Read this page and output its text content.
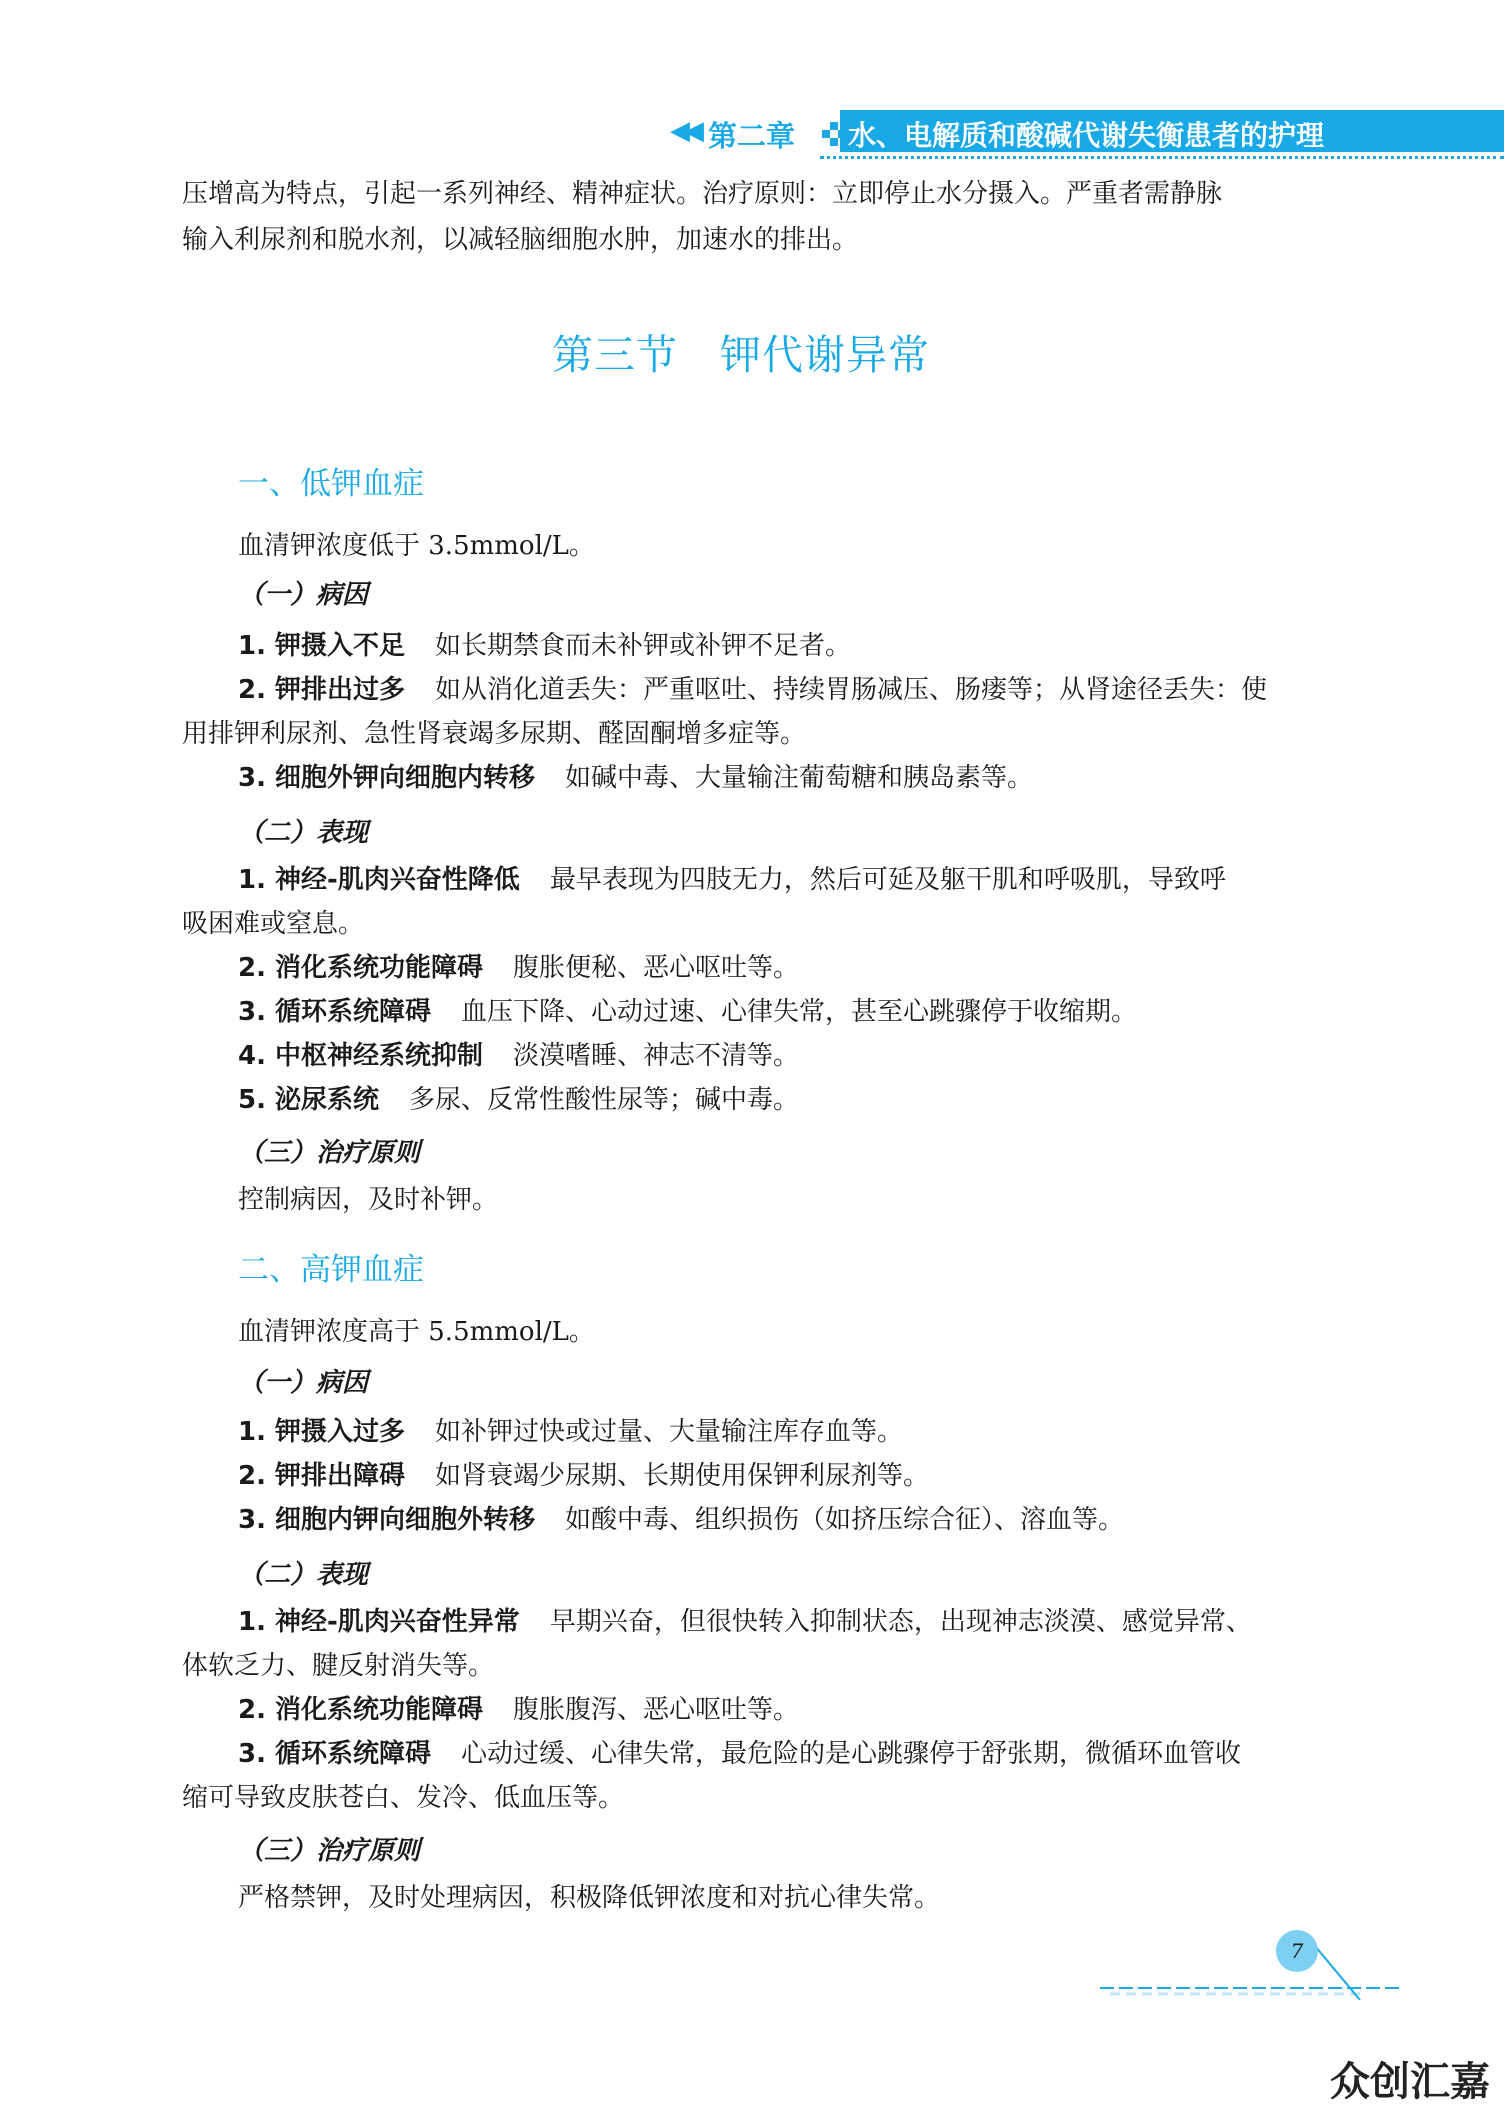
◀◀ 第二章 水、电解质和酸碱代谢失衡患者的护理
压增高为特点，引起一系列神经、精神症状。治疗原则：立即停止水分摄入。严重者需静脉
输入利尿剂和脱水剂，以减轻脑细胞水肿，加速水的排出。
第三节　钾代谢异常
一、低钾血症
血清钾浓度低于 3.5mmol/L。
（一）病因
1. 钾摄入不足 如长期禁食而未补钾或补钾不足者。
2. 钾排出过多 如从消化道丢失：严重呕吐、持续胃肠减压、肠瘘等；从肾途径丢失：使
用排钾利尿剂、急性肾衰竭多尿期、醛固酮增多症等。
3. 细胞外钾向细胞内转移 如碱中毒、大量输注葡萄糖和胰岛素等。
（二）表现
1. 神经-肌肉兴奋性降低 最早表现为四肢无力，然后可延及躯干肌和呼吸肌，导致呼
吸困难或窒息。
2. 消化系统功能障碍 腹胀便秘、恶心呕吐等。
3. 循环系统障碍 血压下降、心动过速、心律失常，甚至心跳骤停于收缩期。
4. 中枢神经系统抑制 淡漠嗜睡、神志不清等。
5. 泌尿系统 多尿、反常性酸性尿等；碱中毒。
（三）治疗原则
控制病因，及时补钾。
二、高钾血症
血清钾浓度高于 5.5mmol/L。
（一）病因
1. 钾摄入过多 如补钾过快或过量、大量输注库存血等。
2. 钾排出障碍 如肾衰竭少尿期、长期使用保钾利尿剂等。
3. 细胞内钾向细胞外转移 如酸中毒、组织损伤（如挤压综合征）、溶血等。
（二）表现
1. 神经-肌肉兴奋性异常 早期兴奋，但很快转入抑制状态，出现神志淡漠、感觉异常、
体软乏力、腱反射消失等。
2. 消化系统功能障碍 腹胀腹泻、恶心呕吐等。
3. 循环系统障碍 心动过缓、心律失常，最危险的是心跳骤停于舒张期，微循环血管收
缩可导致皮肤苍白、发冷、低血压等。
（三）治疗原则
严格禁钾，及时处理病因，积极降低钾浓度和对抗心律失常。
7
众创汇嘉
